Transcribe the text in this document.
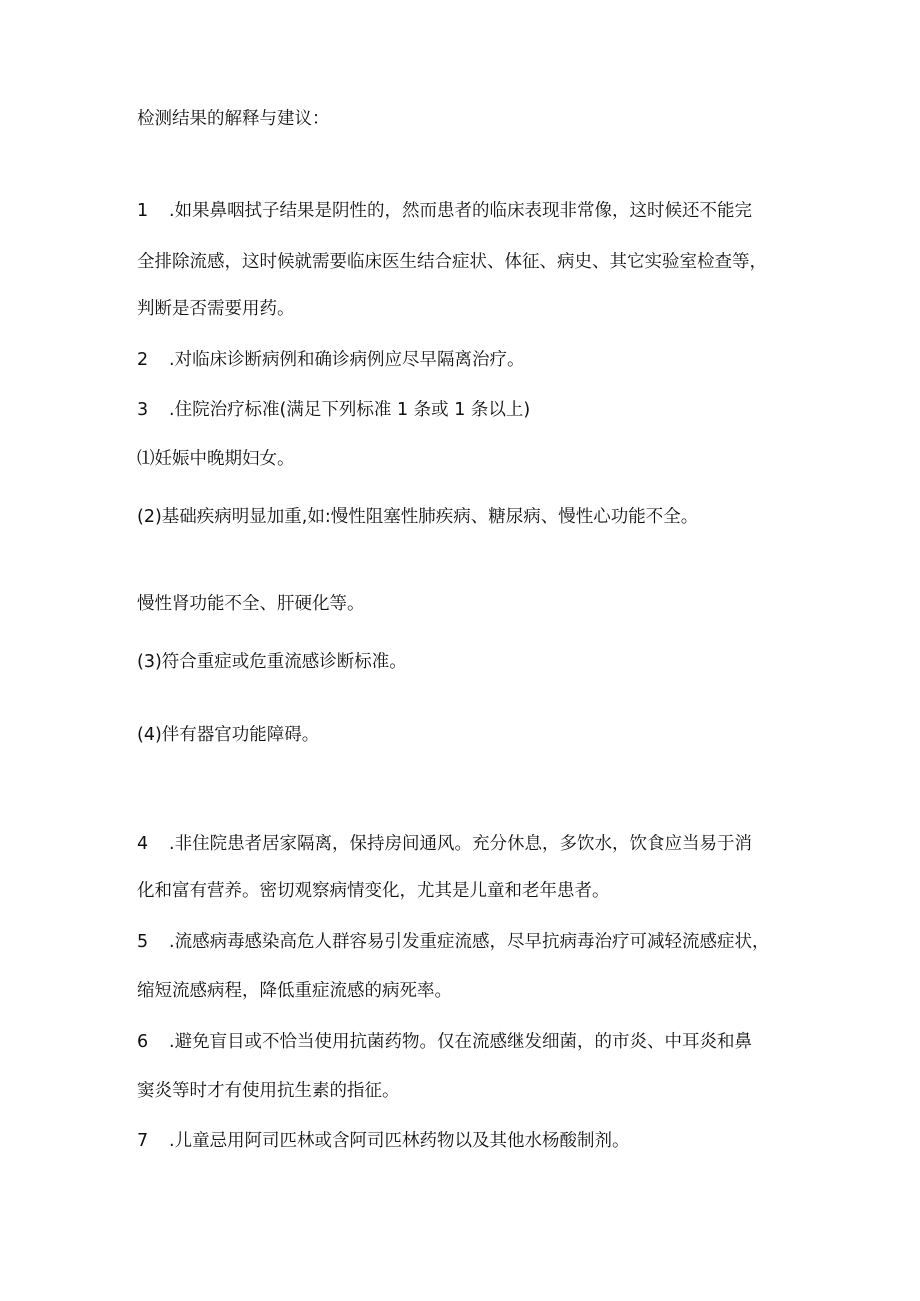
检测结果的解释与建议：

1 .如果鼻咽拭子结果是阴性的，然而患者的临床表现非常像，这时候还不能完

全排除流感，这时候就需要临床医生结合症状、体征、病史、其它实验室检查等，

判断是否需要用药。

2 .对临床诊断病例和确诊病例应尽早隔离治疗。

3 .住院治疗标准(满足下列标准 1 条或 1 条以上)

⑴妊娠中晚期妇女。

(2)基础疾病明显加重,如:慢性阻塞性肺疾病、糖尿病、慢性心功能不全。

慢性肾功能不全、肝硬化等。

(3)符合重症或危重流感诊断标准。

(4)伴有器官功能障碍。

4 .非住院患者居家隔离，保持房间通风。充分休息，多饮水，饮食应当易于消

化和富有营养。密切观察病情变化，尤其是儿童和老年患者。

5 .流感病毒感染高危人群容易引发重症流感，尽早抗病毒治疗可减轻流感症状，

缩短流感病程，降低重症流感的病死率。

6 .避免盲目或不恰当使用抗菌药物。仅在流感继发细菌，的市炎、中耳炎和鼻

窦炎等时才有使用抗生素的指征。

7 .儿童忌用阿司匹林或含阿司匹林药物以及其他水杨酸制剂。
